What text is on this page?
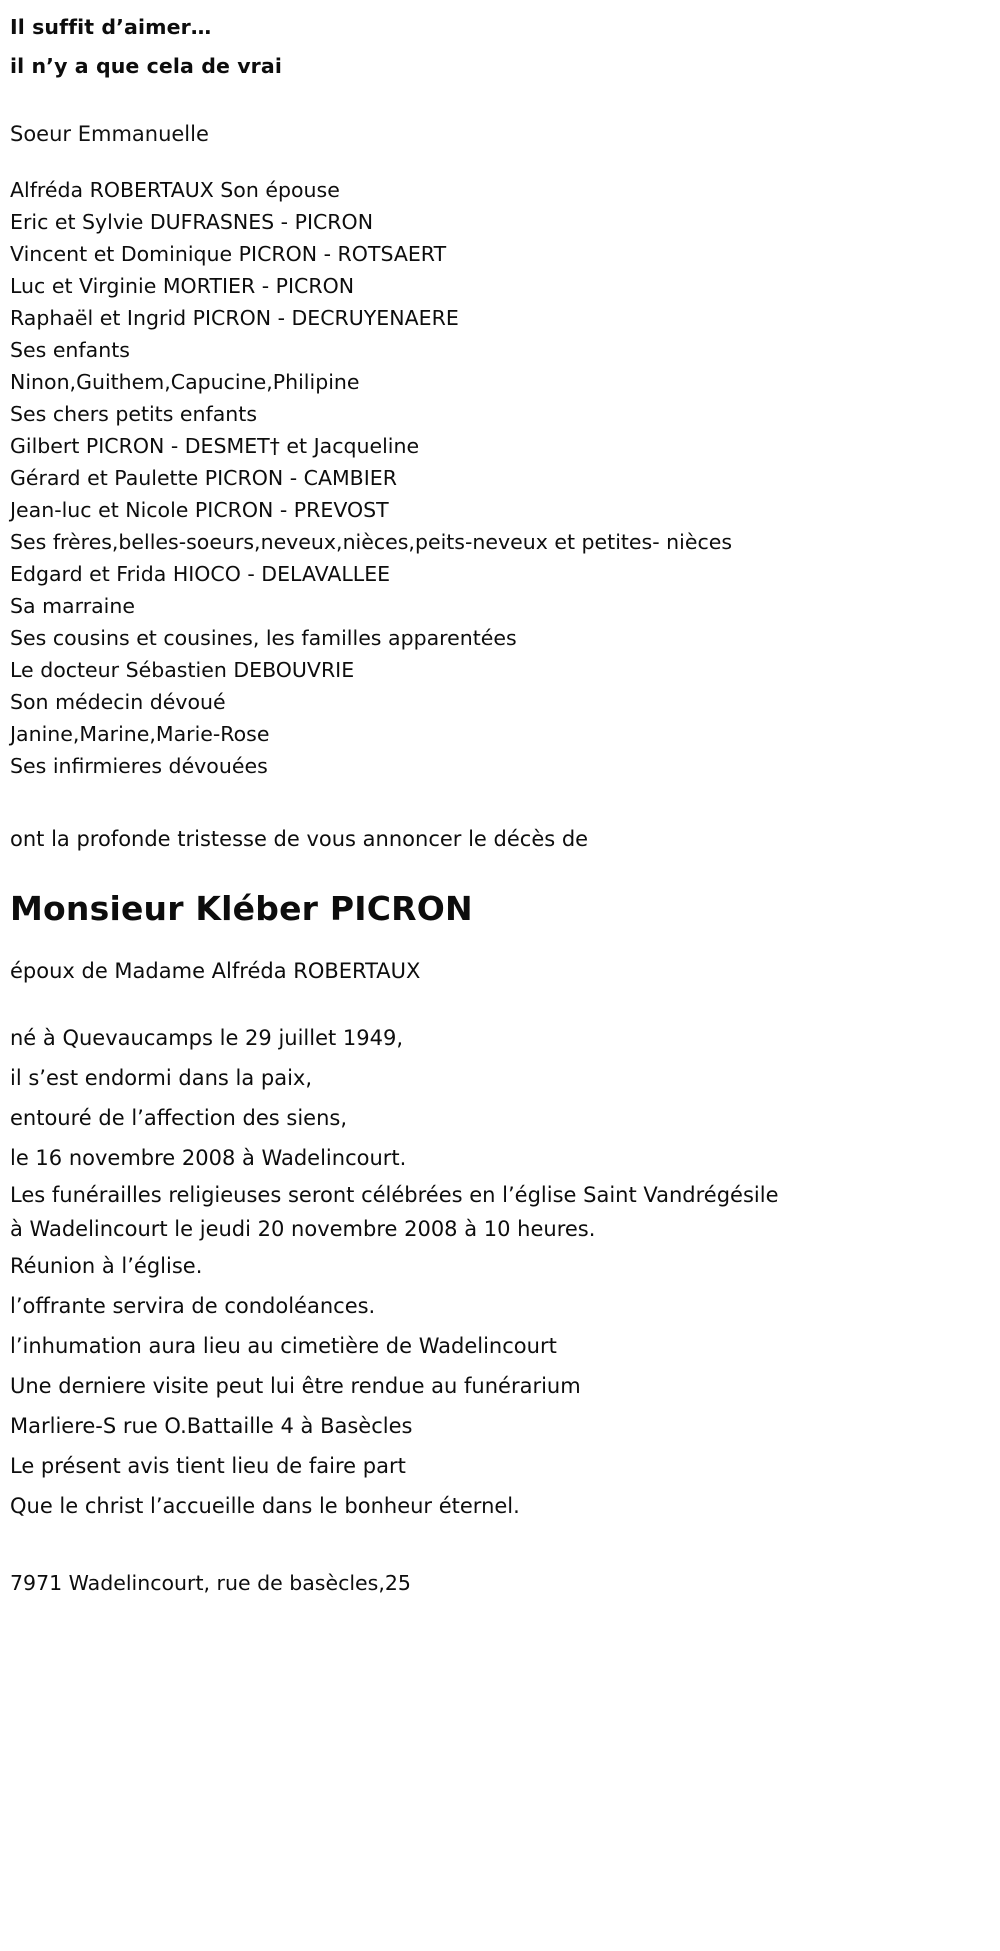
Il suffit d’aimer…
il n’y a que cela de vrai
Soeur Emmanuelle
Alfréda ROBERTAUX Son épouse
Eric et Sylvie DUFRASNES - PICRON
Vincent et Dominique PICRON - ROTSAERT
Luc et Virginie MORTIER - PICRON
Raphaël et Ingrid PICRON - DECRUYENAERE
Ses enfants
Ninon,Guithem,Capucine,Philipine
Ses chers petits enfants
Gilbert PICRON - DESMET† et Jacqueline
Gérard et Paulette PICRON - CAMBIER
Jean-luc et Nicole PICRON - PREVOST
Ses frères,belles-soeurs,neveux,nièces,peits-neveux et petites- nièces
Edgard et Frida HIOCO - DELAVALLEE
Sa marraine
Ses cousins et cousines, les familles apparentées
Le docteur Sébastien DEBOUVRIE
Son médecin dévoué
Janine,Marine,Marie-Rose
Ses infirmieres dévouées
ont la profonde tristesse de vous annoncer le décès de
Monsieur Kléber PICRON
époux de Madame Alfréda ROBERTAUX
né à Quevaucamps le 29 juillet 1949,
il s’est endormi dans la paix,
entouré de l’affection des siens,
le 16 novembre 2008 à Wadelincourt.
Les funérailles religieuses seront célébrées en l’église Saint Vandrégésile
à Wadelincourt le jeudi 20 novembre 2008 à 10 heures.
Réunion à l’église.
l’offrante servira de condoléances.
l’inhumation aura lieu au cimetière de Wadelincourt
Une derniere visite peut lui être rendue au funérarium
Marliere-S rue O.Battaille 4 à Basècles
Le présent avis tient lieu de faire part
Que le christ l’accueille dans le bonheur éternel.
7971 Wadelincourt, rue de basècles,25
